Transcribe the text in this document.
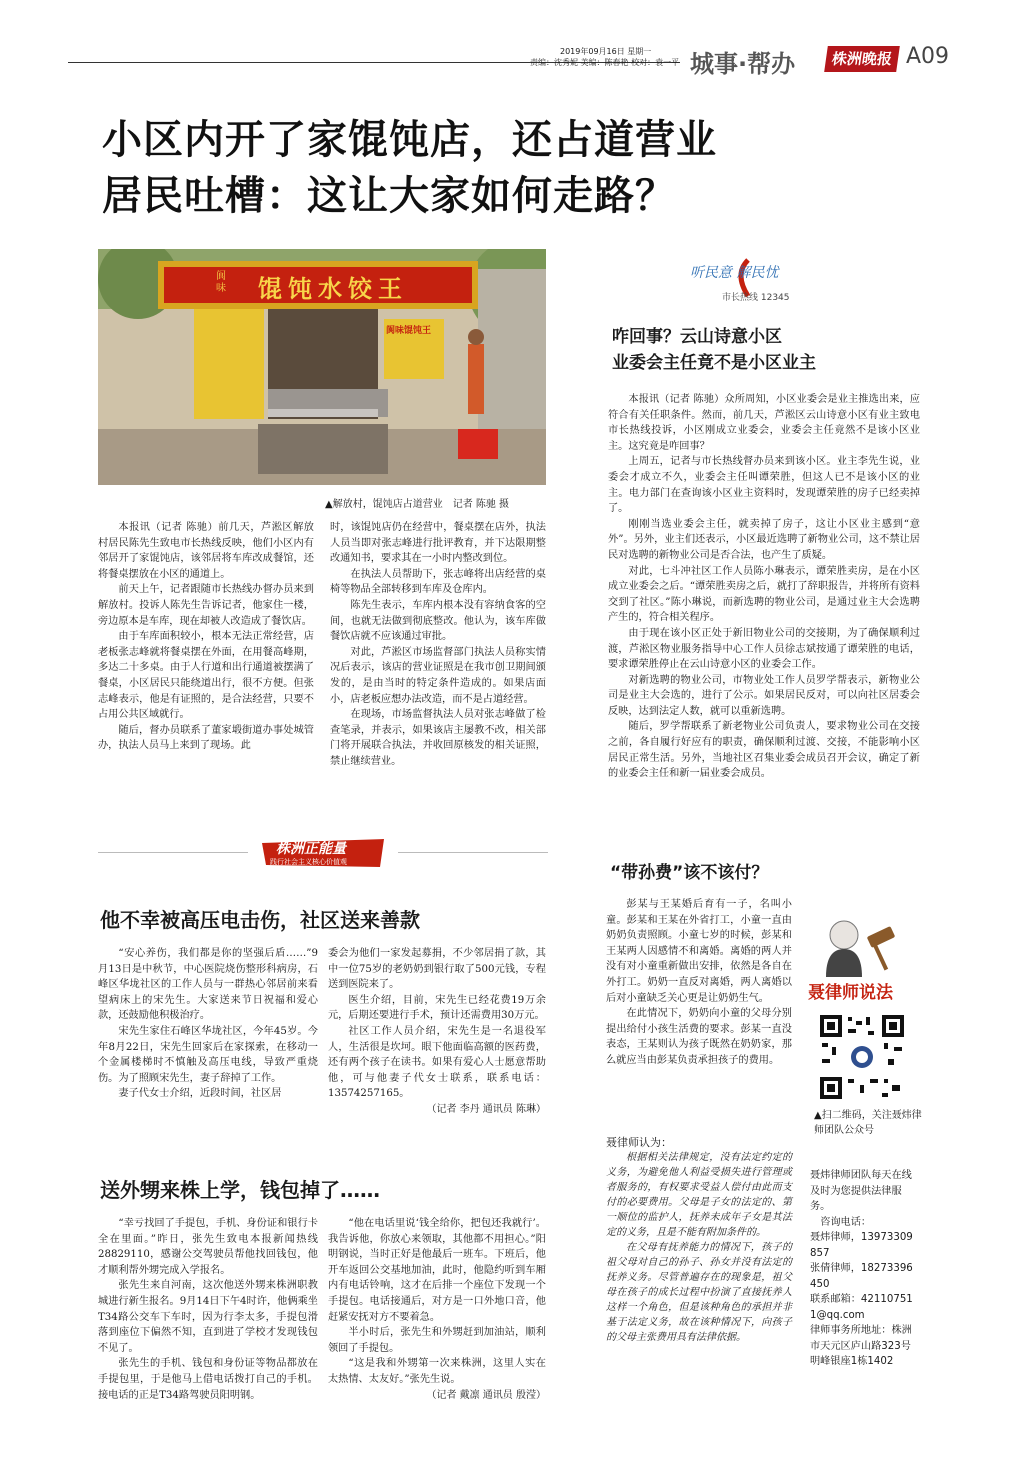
2019年09月16日 星期一
责编：沈秀妮 美编：陈春艳 校对：袁一平 城事·帮办	株洲晚报 A09
小区内开了家馄饨店，还占道营业
居民吐槽：这让大家如何走路？
馄饨水饺王
阆味
阆味馄饨王
▲解放村，馄饨店占道营业　记者 陈驰 摄

本报讯（记者 陈驰）前几天，芦淞区解放村居民陈先生致电市长热线反映，他们小区内有邻居开了家馄饨店，该邻居将车库改成餐馆，还将餐桌摆放在小区的通道上。

前天上午，记者跟随市长热线办督办员来到解放村。投诉人陈先生告诉记者，他家住一楼，旁边原本是车库，现在却被人改造成了餐饮店。

由于车库面积较小，根本无法正常经营，店老板张志峰就将餐桌摆在外面，在用餐高峰期，多达二十多桌。由于人行道和出行通道被摆满了餐桌，小区居民只能绕道出行，很不方便。但张志峰表示，他是有证照的，是合法经营，只要不占用公共区域就行。

随后，督办员联系了董家塅街道办事处城管办，执法人员马上来到了现场。此

时，该馄饨店仍在经营中，餐桌摆在店外，执法人员当即对张志峰进行批评教育，并下达限期整改通知书，要求其在一小时内整改到位。

在执法人员帮助下，张志峰将出店经营的桌椅等物品全部转移到车库及仓库内。

陈先生表示，车库内根本没有容纳食客的空间，也就无法做到彻底整改。他认为，该车库做餐饮店就不应该通过审批。

对此，芦淞区市场监督部门执法人员称实情况后表示，该店的营业证照是在我市创卫期间颁发的，是由当时的特定条件造成的。如果店面小，店老板应想办法改造，而不是占道经营。

在现场，市场监督执法人员对张志峰做了检查笔录，并表示，如果该店主屡教不改，相关部门将开展联合执法，并收回原核发的相关证照，禁止继续营业。

听民意 解民忧
市长热线 12345
咋回事？云山诗意小区
业委会主任竟不是小区业主

本报讯（记者 陈驰）众所周知，小区业委会是业主推选出来，应符合有关任职条件。然而，前几天，芦淞区云山诗意小区有业主致电市长热线投诉，小区刚成立业委会，业委会主任竟然不是该小区业主。这究竟是咋回事？

上周五，记者与市长热线督办员来到该小区。业主李先生说，业委会才成立不久，业委会主任叫谭荣胜，但这人已不是该小区的业主。电力部门在查询该小区业主资料时，发现谭荣胜的房子已经卖掉了。

刚刚当选业委会主任，就卖掉了房子，这让小区业主感到“意外”。另外，业主们还表示，小区最近选聘了新物业公司，这不禁让居民对选聘的新物业公司是否合法，也产生了质疑。

对此，七斗冲社区工作人员陈小琳表示，谭荣胜卖房，是在小区成立业委会之后。“谭荣胜卖房之后，就打了辞职报告，并将所有资料交到了社区。”陈小琳说，而新选聘的物业公司，是通过业主大会选聘产生的，符合相关程序。

由于现在该小区正处于新旧物业公司的交接期，为了确保顺利过渡，芦淞区物业服务指导中心工作人员徐志斌按通了谭荣胜的电话，要求谭荣胜停止在云山诗意小区的业委会工作。

对新选聘的物业公司，市物业处工作人员罗学帮表示，新物业公司是业主大会选的，进行了公示。如果居民反对，可以向社区居委会反映，达到法定人数，就可以重新选聘。

随后，罗学帮联系了新老物业公司负责人，要求物业公司在交接之前，各自履行好应有的职责，确保顺利过渡、交接，不能影响小区居民正常生活。另外，当地社区召集业委会成员召开会议，确定了新的业委会主任和新一届业委会成员。

株洲正能量
践行社会主义核心价值观
他不幸被高压电击伤，社区送来善款

“安心养伤，我们都是你的坚强后盾……”9月13日是中秋节，中心医院烧伤整形科病房，石峰区华垅社区的工作人员与一群热心邻居前来看望病床上的宋先生。大家送来节日祝福和爱心款，还鼓励他积极治疗。

宋先生家住石峰区华垅社区，今年45岁。今年8月22日，宋先生回家后在家探索，在移动一个金属楼梯时不慎触及高压电线，导致严重烧伤。为了照顾宋先生，妻子辞掉了工作。

妻子代女士介绍，近段时间，社区居

委会为他们一家发起募捐，不少邻居捐了款，其中一位75岁的老奶奶到银行取了500元钱，专程送到医院来了。

医生介绍，目前，宋先生已经花费19万余元，后期还要进行手术，预计还需费用30万元。

社区工作人员介绍，宋先生是一名退役军人，生活很是坎坷。眼下他面临高额的医药费，还有两个孩子在读书。如果有爱心人士愿意帮助他，可与他妻子代女士联系，联系电话：13574257165。

（记者 李丹 通讯员 陈琳）
送外甥来株上学，钱包掉了……

“幸亏找回了手提包，手机、身份证和银行卡全在里面。”昨日，张先生致电本报新闻热线28829110，感谢公交驾驶员帮他找回钱包，他才顺利帮外甥完成入学报名。

张先生来自河南，这次他送外甥来株洲职教城进行新生报名。9月14日下午4时许，他俩乘坐T34路公交车下车时，因为行李太多，手提包滑落到座位下偏然不知，直到进了学校才发现钱包不见了。

张先生的手机、钱包和身份证等物品都放在手提包里，于是他马上借电话拨打自己的手机。接电话的正是T34路驾驶员阳明钢。

“他在电话里说‘钱全给你，把包还我就行’。我告诉他，你放心来领取，其他都不用担心。”阳明钢说，当时正好是他最后一班车。下班后，他开车返回公交基地加油，此时，他隐约听到车厢内有电话铃响，这才在后排一个座位下发现一个手提包。电话接通后，对方是一口外地口音，他赶紧安抚对方不要着急。

半小时后，张先生和外甥赶到加油站，顺利领回了手提包。

“这是我和外甥第一次来株洲，这里人实在太热情、太友好。”张先生说。

（记者 戴凛 通讯员 殷滢）
“带孙费”该不该付？

彭某与王某婚后育有一子，名叫小童。彭某和王某在外省打工，小童一直由奶奶负责照顾。小童七岁的时候，彭某和王某两人因感情不和离婚。离婚的两人并没有对小童重新做出安排，依然是各自在外打工。奶奶一直反对离婚，两人离婚以后对小童缺乏关心更是让奶奶生气。

在此情况下，奶奶向小童的父母分别提出给付小孩生活费的要求。彭某一直没表态，王某则认为孩子既然在奶奶家，那么就应当由彭某负责承担孩子的费用。

聂律师说法
▲扫二维码，关注聂炜律师团队公众号
聂律师认为：

根据相关法律规定，没有法定约定的义务，为避免他人利益受损失进行管理或者服务的，有权要求受益人偿付由此而支付的必要费用。父母是子女的法定的、第一顺位的监护人，抚养未成年子女是其法定的义务，且是不能有附加条件的。

在父母有抚养能力的情况下，孩子的祖父母对自己的孙子、孙女并没有法定的抚养义务。尽管普遍存在的现象是，祖父母在孩子的成长过程中扮演了直接抚养人这样一个角色，但是该种角色的承担并非基于法定义务，故在该种情况下，向孩子的父母主张费用具有法律依据。

聂炜律师团队每天在线及时为您提供法律服务。
咨询电话：
聂炜律师，13973309857
张倩律师，18273396450
联系邮箱：421107511@qq.com
律师事务所地址：株洲市天元区庐山路323号明峰银座1栋1402
